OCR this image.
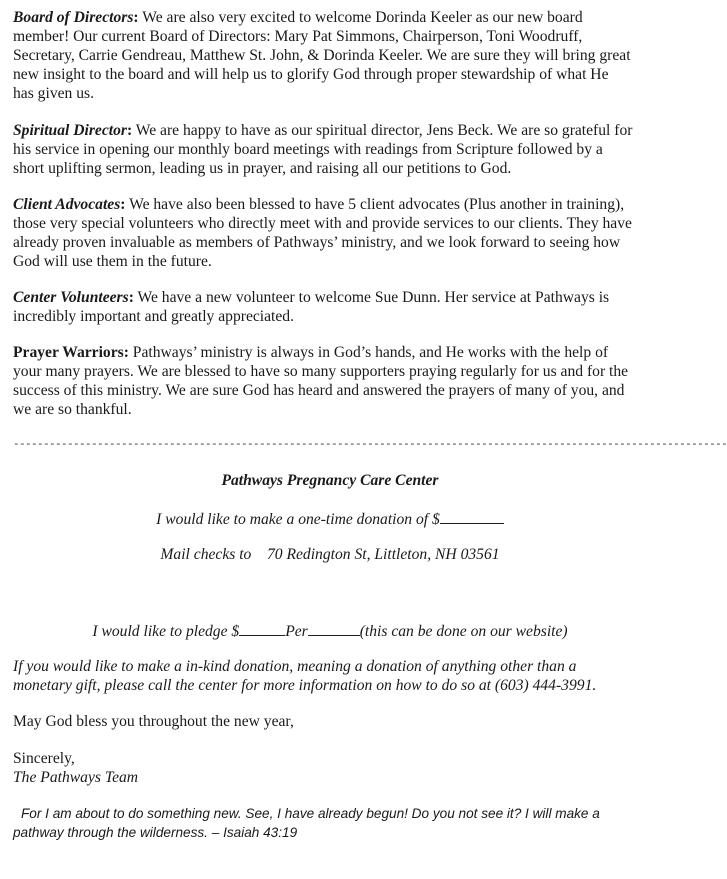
Board of Directors: We are also very excited to welcome Dorinda Keeler as our new board member! Our current Board of Directors: Mary Pat Simmons, Chairperson, Toni Woodruff, Secretary, Carrie Gendreau, Matthew St. John, & Dorinda Keeler. We are sure they will bring great new insight to the board and will help us to glorify God through proper stewardship of what He has given us.

Spiritual Director: We are happy to have as our spiritual director, Jens Beck. We are so grateful for his service in opening our monthly board meetings with readings from Scripture followed by a short uplifting sermon, leading us in prayer, and raising all our petitions to God.

Client Advocates: We have also been blessed to have 5 client advocates (Plus another in training), those very special volunteers who directly meet with and provide services to our clients. They have already proven invaluable as members of Pathways’ ministry, and we look forward to seeing how God will use them in the future.

Center Volunteers: We have a new volunteer to welcome Sue Dunn. Her service at Pathways is incredibly important and greatly appreciated.

Prayer Warriors: Pathways’ ministry is always in God’s hands, and He works with the help of your many prayers. We are blessed to have so many supporters praying regularly for us and for the success of this ministry. We are sure God has heard and answered the prayers of many of you, and we are so thankful.

-----------------------------------------------------------------------------------------------------------------------

Pathways Pregnancy Care Center

I would like to make a one-time donation of $

Mail checks to 70 Redington St, Littleton, NH 03561

I would like to pledge $	Per	(this can be done on our website)

If you would like to make a in-kind donation, meaning a donation of anything other than a monetary gift, please call the center for more information on how to do so at (603) 444-3991.

May God bless you throughout the new year,

Sincerely,

The Pathways Team

For I am about to do something new. See, I have already begun! Do you not see it? I will make a pathway through the wilderness. – Isaiah 43:19
